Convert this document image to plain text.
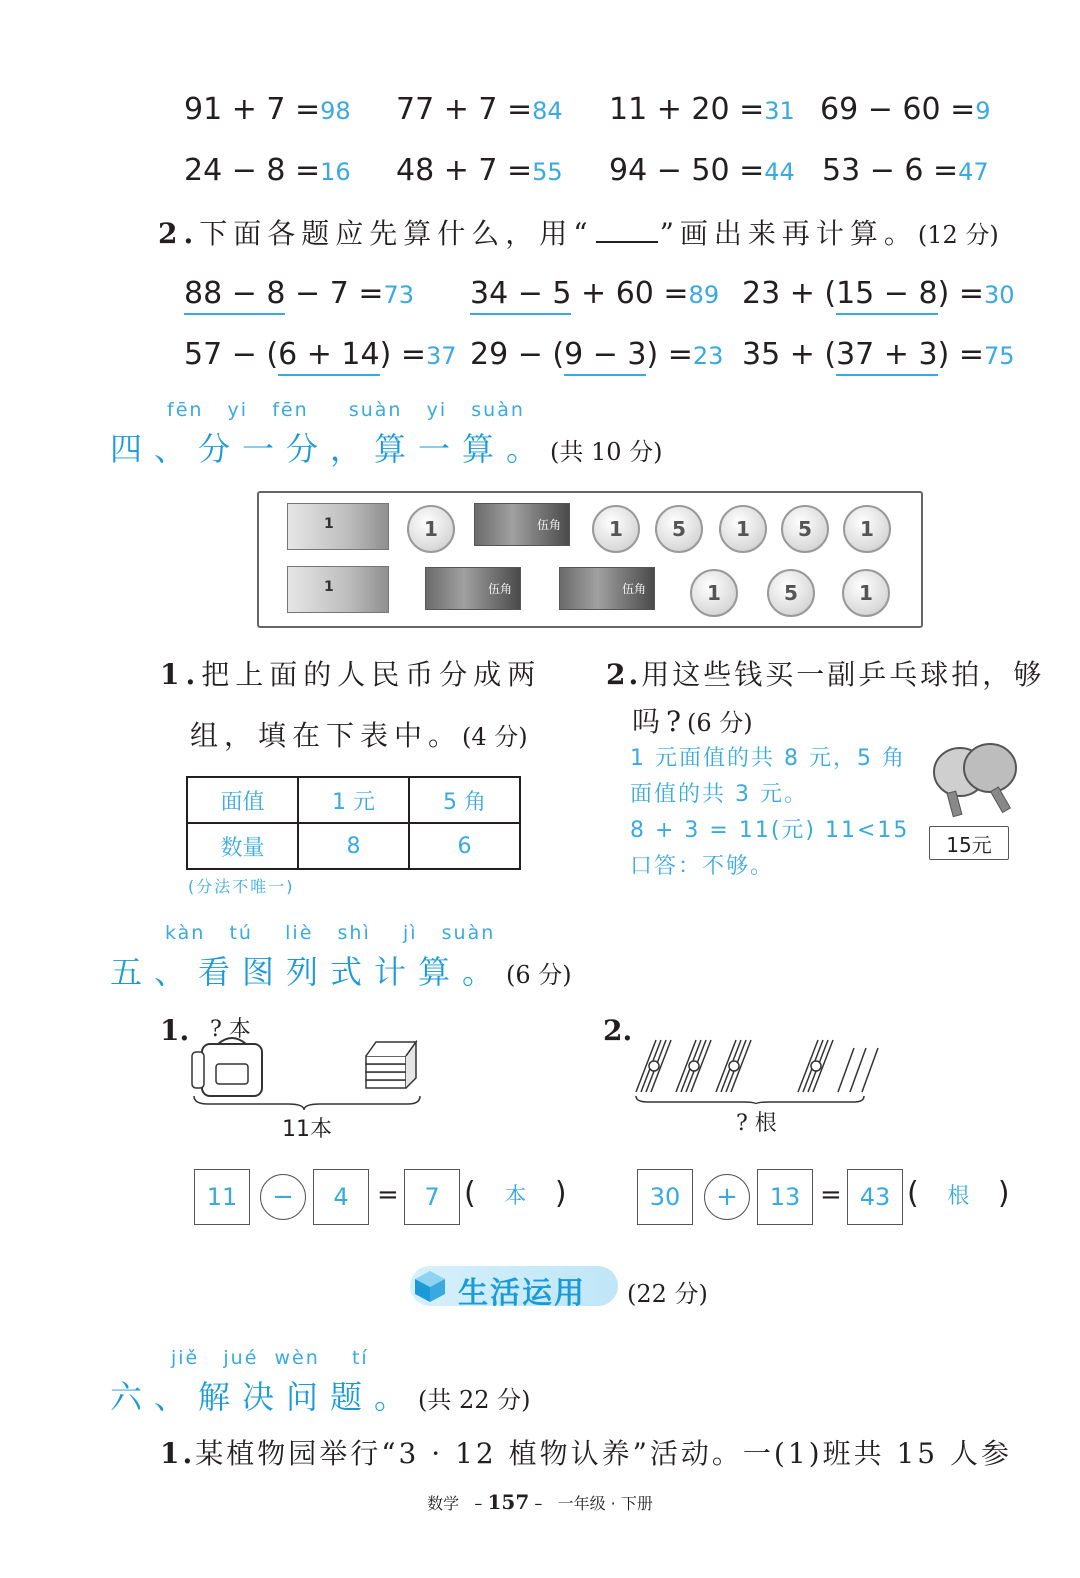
91 + 7 =98 77 + 7 =84 11 + 20 =31 69 − 60 =9
24 − 8 =16 48 + 7 =55 94 − 50 =44 53 − 6 =47
2.下面各题应先算什么，用“ ”画出来再计算。(12 分)
88 − 8 − 7 =73 34 − 5 + 60 =89 23 + (15 − 8) =30
57 − (6 + 14) =37 29 − (9 − 3) =23 35 + (37 + 3) =75
fēn yi fēn suàn yi suàn
四、分一分，算一算。(共 10 分)
1	1	伍角	1	5	1	5	1
1	伍角	伍角	1	5	1
1.把上面的人民币分成两
组，填在下表中。(4 分)
面值	1 元	5 角
数量	8	6
(分法不唯一)
2.用这些钱买一副乒乓球拍，够
吗?(6 分)
1 元面值的共 8 元，5 角
面值的共 3 元。
8 + 3 = 11(元) 11<15
口答：不够。
15元
kàn tú liè shì jì suàn
五、看图列式计算。(6 分)
1. ? 本
11本
11	−	4	=	7 (   本   )
2.
? 根
30	+	13 = 43 (   根   )
生活运用 (22 分)
jiě jué wèn tí
六、解决问题。(共 22 分)
1.某植物园举行“3 · 12 植物认养”活动。一(1)班共 15 人参
数学   – 157 –   一年级 · 下册
